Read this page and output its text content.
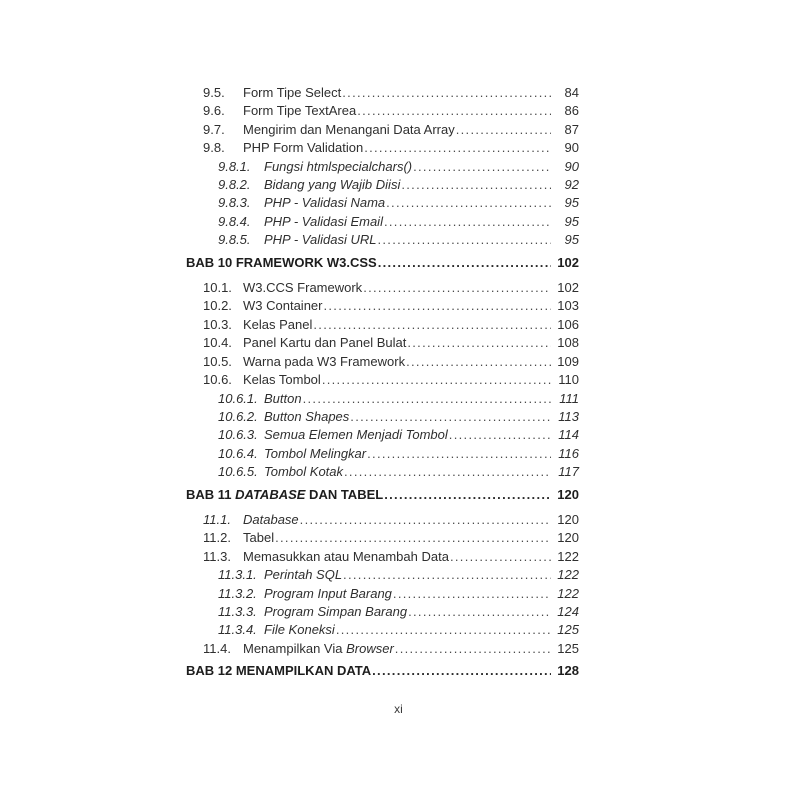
9.5.	Form Tipe Select .....	84
9.6.	Form Tipe TextArea .....	86
9.7.	Mengirim dan Menangani Data Array .....	87
9.8.	PHP Form Validation .....	90
9.8.1.	Fungsi htmlspecialchars() .....	90
9.8.2.	Bidang yang Wajib Diisi .....	92
9.8.3.	PHP - Validasi Nama .....	95
9.8.4.	PHP - Validasi Email .....	95
9.8.5.	PHP - Validasi URL .....	95
BAB 10 FRAMEWORK W3.CSS .....	102
10.1. W3.CCS Framework .....	102
10.2. W3 Container .....	103
10.3. Kelas Panel .....	106
10.4. Panel Kartu dan Panel Bulat .....	108
10.5. Warna pada W3 Framework .....	109
10.6. Kelas Tombol .....	110
10.6.1. Button .....	111
10.6.2. Button Shapes .....	113
10.6.3. Semua Elemen Menjadi Tombol .....	114
10.6.4. Tombol Melingkar .....	116
10.6.5. Tombol Kotak .....	117
BAB 11 DATABASE DAN TABEL .....	120
11.1. Database .....	120
11.2. Tabel .....	120
11.3. Memasukkan atau Menambah Data .....	122
11.3.1. Perintah SQL .....	122
11.3.2. Program Input Barang .....	122
11.3.3. Program Simpan Barang .....	124
11.3.4. File Koneksi .....	125
11.4. Menampilkan Via Browser .....	125
BAB 12 MENAMPILKAN DATA .....	128
xi
